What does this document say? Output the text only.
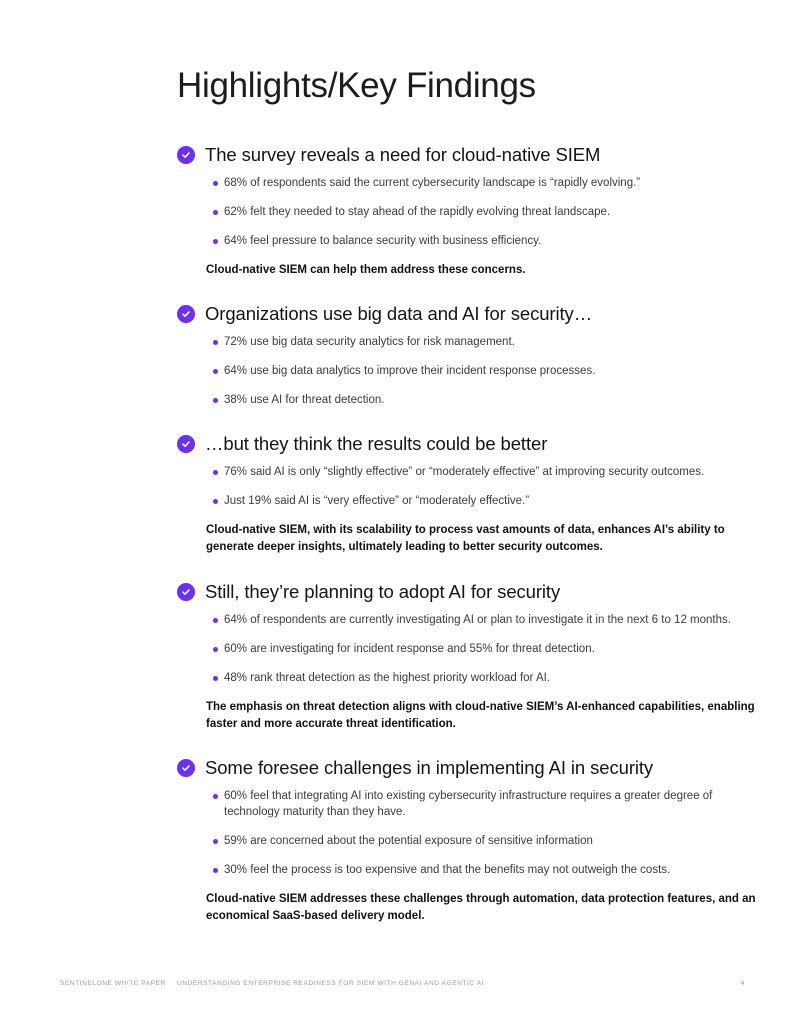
Highlights/Key Findings
The survey reveals a need for cloud-native SIEM
68% of respondents said the current cybersecurity landscape is “rapidly evolving.”
62% felt they needed to stay ahead of the rapidly evolving threat landscape.
64% feel pressure to balance security with business efficiency.

Cloud-native SIEM can help them address these concerns.

Organizations use big data and AI for security…
72% use big data security analytics for risk management.
64% use big data analytics to improve their incident response processes.
38% use AI for threat detection.
…but they think the results could be better
76% said AI is only “slightly effective” or “moderately effective” at improving security outcomes.
Just 19% said AI is “very effective” or “moderately effective.”

Cloud-native SIEM, with its scalability to process vast amounts of data, enhances AI’s ability to generate deeper insights, ultimately leading to better security outcomes.

Still, they’re planning to adopt AI for security
64% of respondents are currently investigating AI or plan to investigate it in the next 6 to 12 months.
60% are investigating for incident response and 55% for threat detection.
48% rank threat detection as the highest priority workload for AI.

The emphasis on threat detection aligns with cloud-native SIEM’s AI-enhanced capabilities, enabling faster and more accurate threat identification.

Some foresee challenges in implementing AI in security
60% feel that integrating AI into existing cybersecurity infrastructure requires a greater degree of technology maturity than they have.
59% are concerned about the potential exposure of sensitive information
30% feel the process is too expensive and that the benefits may not outweigh the costs.

Cloud-native SIEM addresses these challenges through automation, data protection features, and an economical SaaS-based delivery model.

SENTINELONE WHITE PAPER UNDERSTANDING ENTERPRISE READINESS FOR SIEM WITH GENAI AND AGENTIC AI	4
